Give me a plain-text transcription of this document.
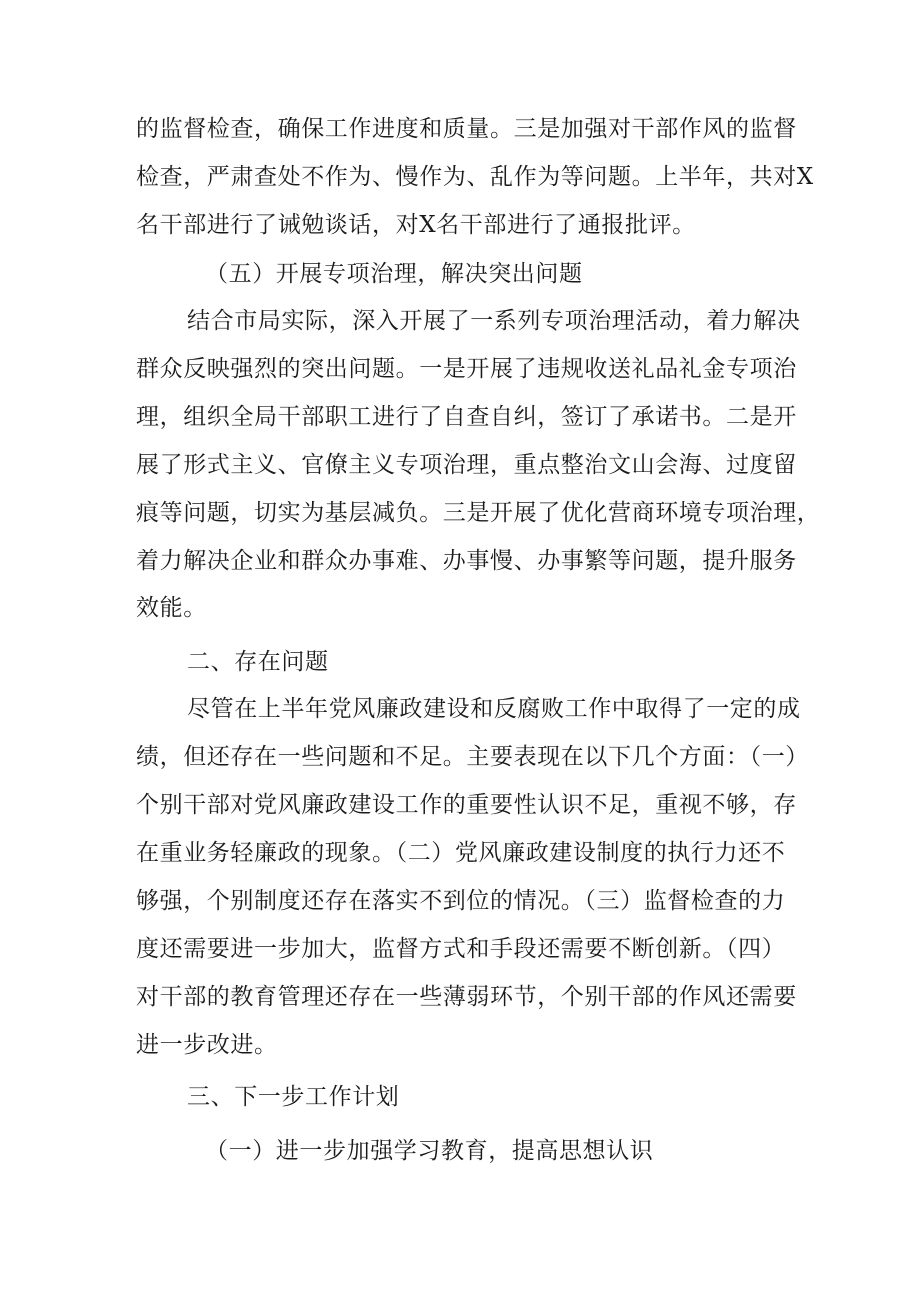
的监督检查，确保工作进度和质量。三是加强对干部作风的监督

检查，严肃查处不作为、慢作为、乱作为等问题。上半年，共对X

名干部进行了诫勉谈话，对X名干部进行了通报批评。

（五）开展专项治理，解决突出问题

结合市局实际，深入开展了一系列专项治理活动，着力解决

群众反映强烈的突出问题。一是开展了违规收送礼品礼金专项治

理，组织全局干部职工进行了自查自纠，签订了承诺书。二是开

展了形式主义、官僚主义专项治理，重点整治文山会海、过度留

痕等问题，切实为基层减负。三是开展了优化营商环境专项治理，

着力解决企业和群众办事难、办事慢、办事繁等问题，提升服务

效能。

二、存在问题

尽管在上半年党风廉政建设和反腐败工作中取得了一定的成

绩，但还存在一些问题和不足。主要表现在以下几个方面：（一）

个别干部对党风廉政建设工作的重要性认识不足，重视不够，存

在重业务轻廉政的现象。（二）党风廉政建设制度的执行力还不

够强，个别制度还存在落实不到位的情况。（三）监督检查的力

度还需要进一步加大，监督方式和手段还需要不断创新。（四）

对干部的教育管理还存在一些薄弱环节，个别干部的作风还需要

进一步改进。

三、下一步工作计划

（一）进一步加强学习教育，提高思想认识
